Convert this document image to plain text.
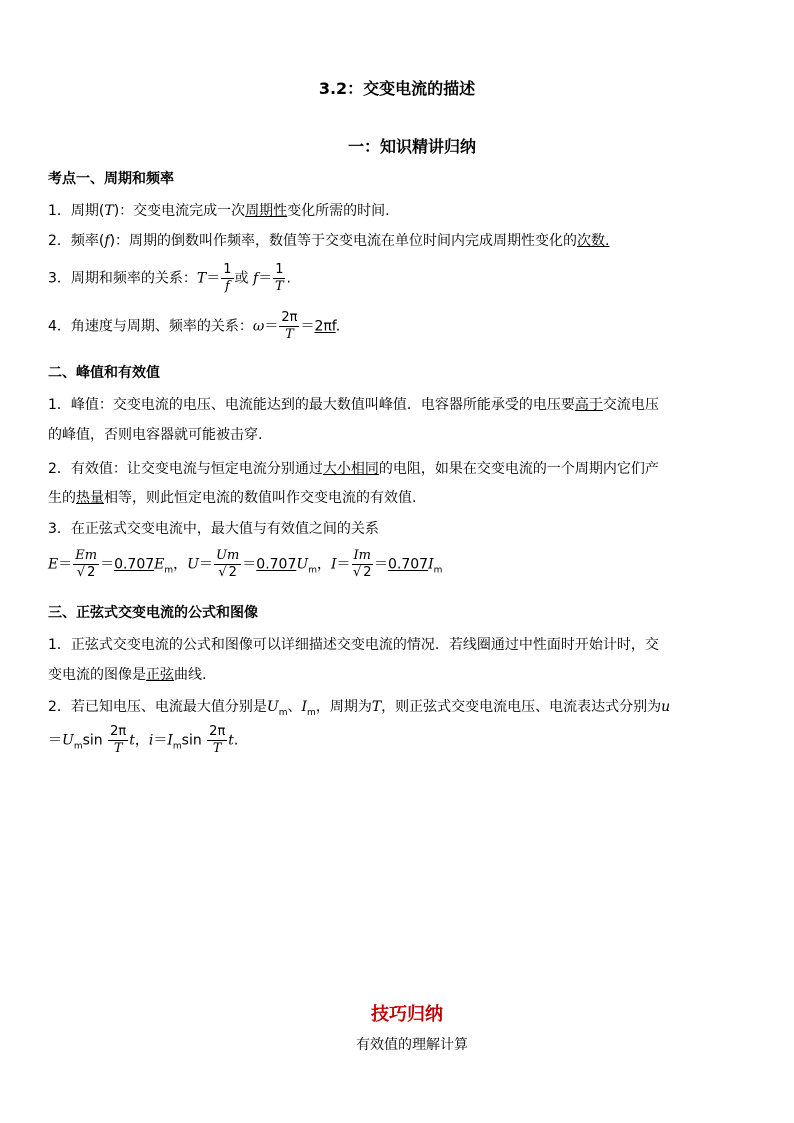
3.2：交变电流的描述
一：知识精讲归纳
考点一、周期和频率
1．周期(T)：交变电流完成一次周期性变化所需的时间.
2．频率(f)：周期的倒数叫作频率，数值等于交变电流在单位时间内完成周期性变化的次数.
3．周期和频率的关系：$T= \frac{1}{f}$ 或 $f= \frac{1}{T}$ .
4．角速度与周期、频率的关系：$\omega= \frac{2\pi}{T} =2\pi f$.
二、峰值和有效值
1．峰值：交变电流的电压、电流能达到的最大数值叫峰值．电容器所能承受的电压要高于交流电压
的峰值，否则电容器就可能被击穿.
2．有效值：让交变电流与恒定电流分别通过大小相同的电阻，如果在交变电流的一个周期内它们产
生的热量相等，则此恒定电流的数值叫作交变电流的有效值.
3．在正弦式交变电流中，最大值与有效值之间的关系
$E= \frac{Em}{√ 2} =0.707E_m$，$U= \frac{Um}{√ 2} =0.707U_m$，$I= \frac{Im}{√ 2} =0.707I_m$
三、正弦式交变电流的公式和图像
1．正弦式交变电流的公式和图像可以详细描述交变电流的情况．若线圈通过中性面时开始计时，交
变电流的图像是正弦曲线.
2．若已知电压、电流最大值分别是$U_m$、$I_m$，周期为T，则正弦式交变电流电压、电流表达式分别为u
$=U_m\sin \frac{2\pi}{T}$ t，$i=I_m\sin \frac{2\pi}{T} t$.
技巧归纳
有效值的理解计算
